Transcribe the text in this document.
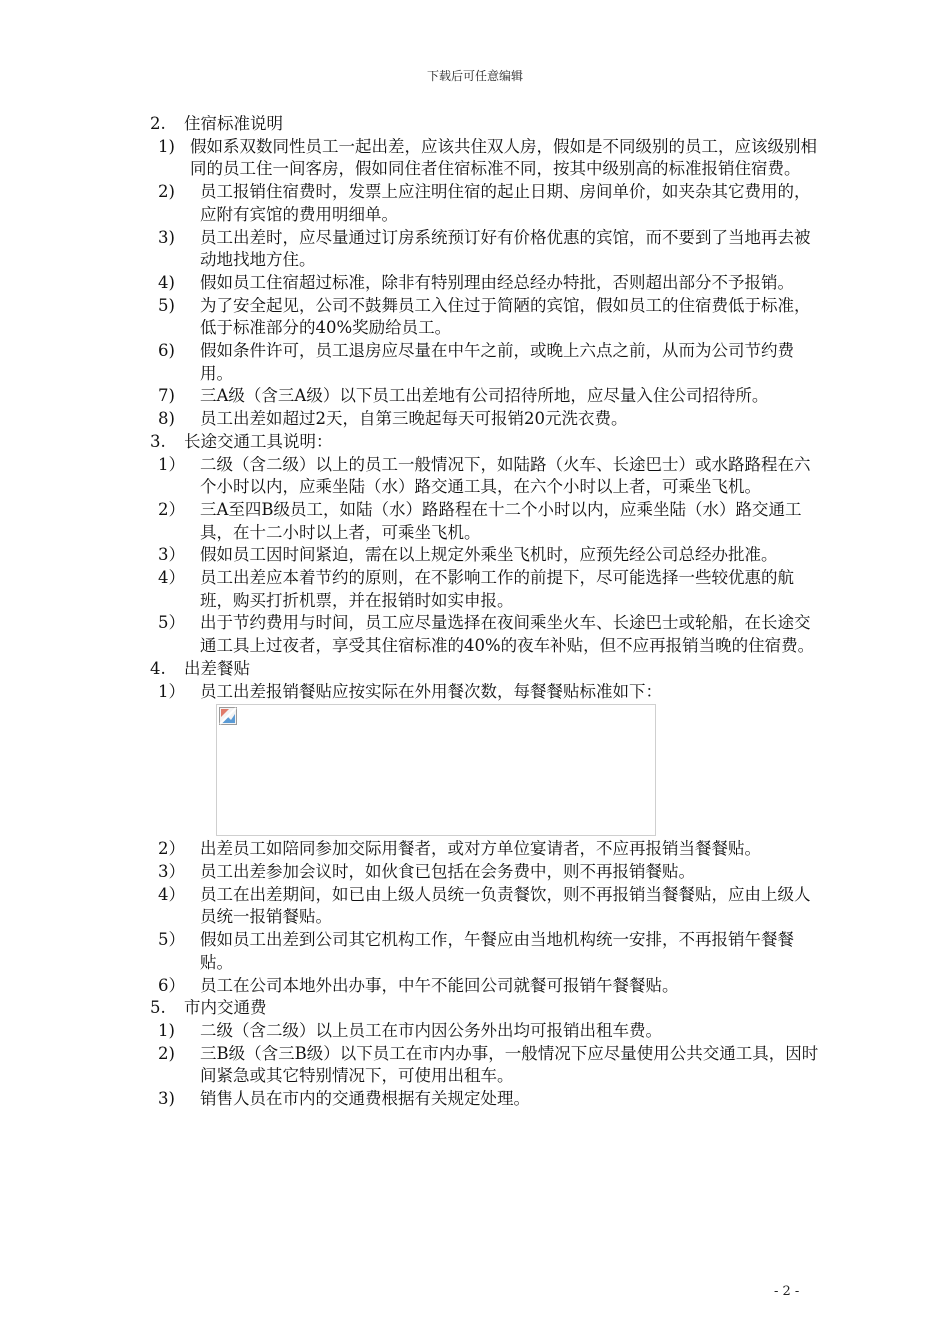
下载后可任意编辑

2. 住宿标准说明

1) 假如系双数同性员工一起出差，应该共住双人房，假如是不同级别的员工，应该级别相同的员工住一间客房，假如同住者住宿标准不同，按其中级别高的标准报销住宿费。

2) 员工报销住宿费时，发票上应注明住宿的起止日期、房间单价，如夹杂其它费用的，应附有宾馆的费用明细单。

3) 员工出差时，应尽量通过订房系统预订好有价格优惠的宾馆，而不要到了当地再去被动地找地方住。

4) 假如员工住宿超过标准，除非有特别理由经总经办特批，否则超出部分不予报销。

5) 为了安全起见，公司不鼓舞员工入住过于简陋的宾馆，假如员工的住宿费低于标准，低于标准部分的40%奖励给员工。

6) 假如条件许可，员工退房应尽量在中午之前，或晚上六点之前，从而为公司节约费用。

7) 三A级（含三A级）以下员工出差地有公司招待所地，应尽量入住公司招待所。

8) 员工出差如超过2天，自第三晚起每天可报销20元洗衣费。

3. 长途交通工具说明：

1） 二级（含二级）以上的员工一般情况下，如陆路（火车、长途巴士）或水路路程在六个小时以内，应乘坐陆（水）路交通工具，在六个小时以上者，可乘坐飞机。

2） 三A至四B级员工，如陆（水）路路程在十二个小时以内，应乘坐陆（水）路交通工具，在十二小时以上者，可乘坐飞机。

3） 假如员工因时间紧迫，需在以上规定外乘坐飞机时，应预先经公司总经办批准。

4） 员工出差应本着节约的原则，在不影响工作的前提下，尽可能选择一些较优惠的航班，购买打折机票，并在报销时如实申报。

5） 出于节约费用与时间，员工应尽量选择在夜间乘坐火车、长途巴士或轮船，在长途交通工具上过夜者，享受其住宿标准的40%的夜车补贴，但不应再报销当晚的住宿费。

4. 出差餐贴

1） 员工出差报销餐贴应按实际在外用餐次数，每餐餐贴标准如下：

2） 出差员工如陪同参加交际用餐者，或对方单位宴请者，不应再报销当餐餐贴。

3） 员工出差参加会议时，如伙食已包括在会务费中，则不再报销餐贴。

4） 员工在出差期间，如已由上级人员统一负责餐饮，则不再报销当餐餐贴，应由上级人员统一报销餐贴。

5） 假如员工出差到公司其它机构工作，午餐应由当地机构统一安排，不再报销午餐餐贴。

6） 员工在公司本地外出办事，中午不能回公司就餐可报销午餐餐贴。

5. 市内交通费

1) 二级（含二级）以上员工在市内因公务外出均可报销出租车费。

2) 三B级（含三B级）以下员工在市内办事，一般情况下应尽量使用公共交通工具，因时间紧急或其它特别情况下，可使用出租车。

3) 销售人员在市内的交通费根据有关规定处理。

- 2 -
